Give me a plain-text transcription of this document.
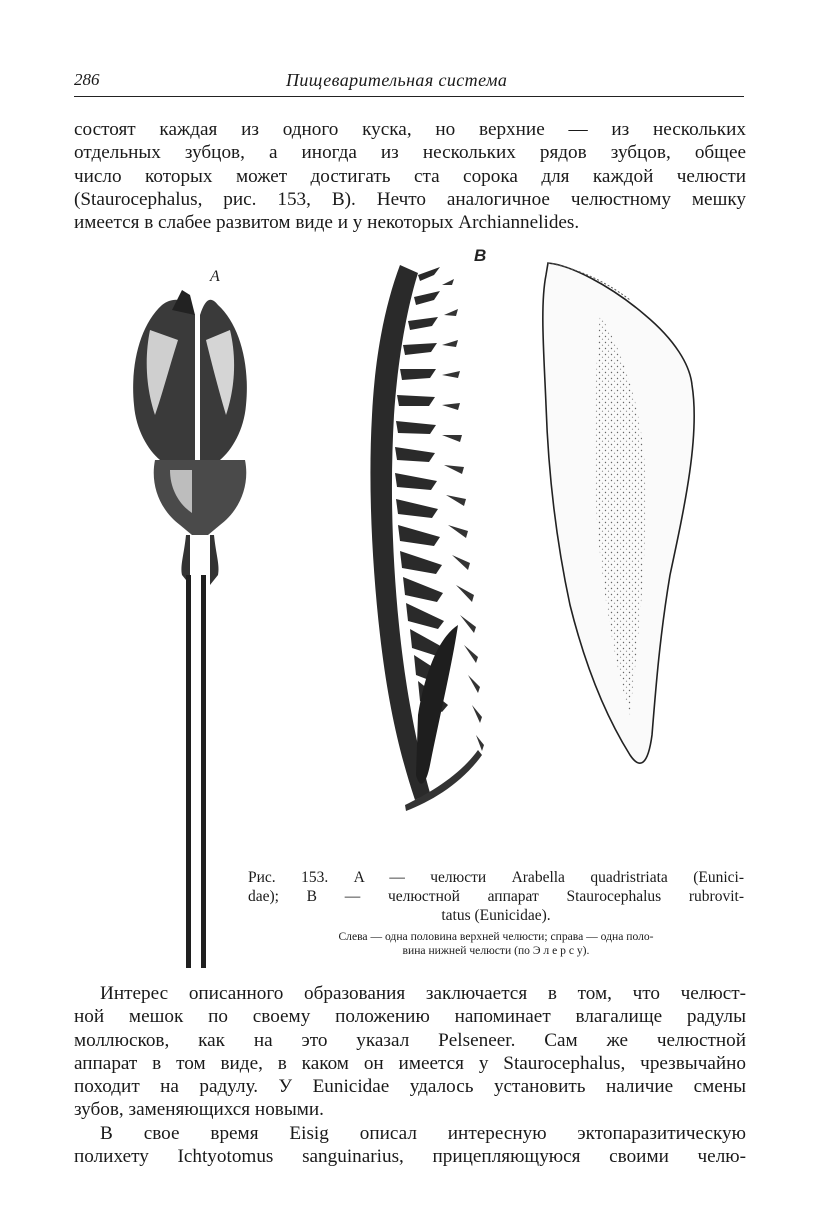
286	Пищеварительная система
состоят каждая из одного куска, но верхние — из нескольких
отдельных зубцов, а иногда из нескольких рядов зубцов, общее
число которых может достигать ста сорока для каждой челюсти
(Staurocephalus, рис. 153, B). Нечто аналогичное челюстному мешку
имеется в слабее развитом виде и у некоторых Archiannelides.
A
B
Рис. 153. A — челюсти Arabella quadristriata (Eunici-
dae); B — челюстной аппарат Staurocephalus rubrovit-
tatus (Eunicidae).
Слева — одна половина верхней челюсти; справа — одна поло-
вина нижней челюсти (по Э л е р с у).
Интерес описанного образования заключается в том, что челюст-
ной мешок по своему положению напоминает влагалище радулы
моллюсков, как на это указал Pelseneer. Сам же челюстной
аппарат в том виде, в каком он имеется у Staurocephalus, чрезвычайно
походит на радулу. У Eunicidae удалось установить наличие смены
зубов, заменяющихся новыми.
В свое время Eisig описал интересную эктопаразитическую
полихету Ichtyotomus sanguinarius, прицепляющуюся своими челю-
